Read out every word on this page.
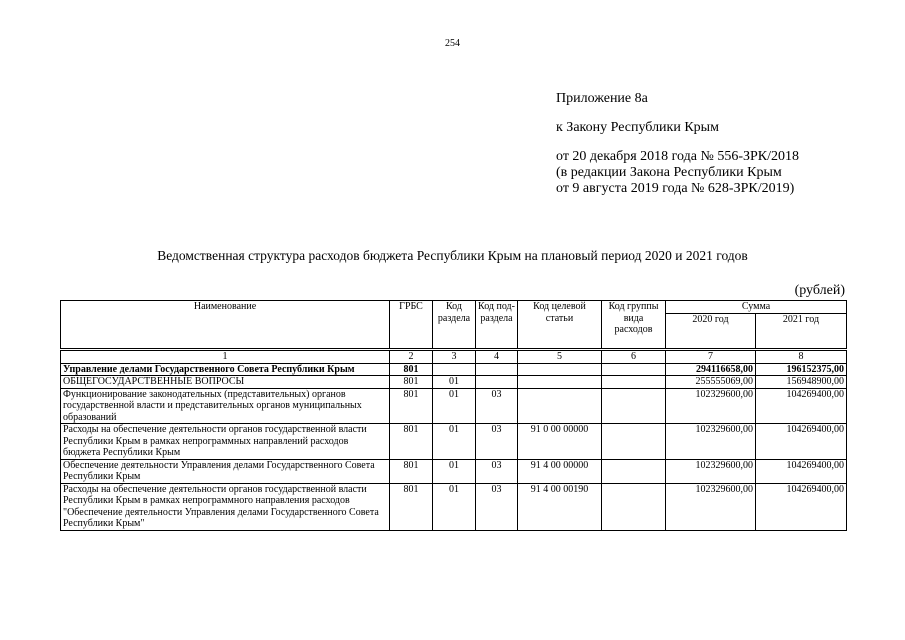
254
Приложение 8а
к Закону Республики Крым
от 20 декабря 2018 года № 556-ЗРК/2018
(в редакции Закона Республики Крым
от 9 августа 2019 года № 628-ЗРК/2019)
Ведомственная структура расходов бюджета Республики Крым на плановый период 2020 и 2021 годов
(рублей)
Наименование	ГРБС	Код раздела	Код под-раздела	Код целевой статьи	Код группы вида расходов	Сумма	
						2020 год	2021 год
1	2	3	4	5	6	7	8
Управление делами Государственного Совета Республики Крым	801					294116658,00	196152375,00
ОБЩЕГОСУДАРСТВЕННЫЕ ВОПРОСЫ	801	01				255555069,00	156948900,00
Функционирование законодательных (представительных) органов государственной власти и представительных органов муниципальных образований	801	01	03			102329600,00	104269400,00
Расходы на обеспечение деятельности органов государственной власти Республики Крым в рамках непрограммных направлений расходов бюджета Республики Крым	801	01	03	91 0 00 00000		102329600,00	104269400,00
Обеспечение деятельности Управления делами Государственного Совета Республики Крым	801	01	03	91 4 00 00000		102329600,00	104269400,00
Расходы на обеспечение деятельности органов государственной власти Республики Крым в рамках непрограммного направления расходов "Обеспечение деятельности Управления делами Государственного Совета Республики Крым"	801	01	03	91 4 00 00190		102329600,00	104269400,00
